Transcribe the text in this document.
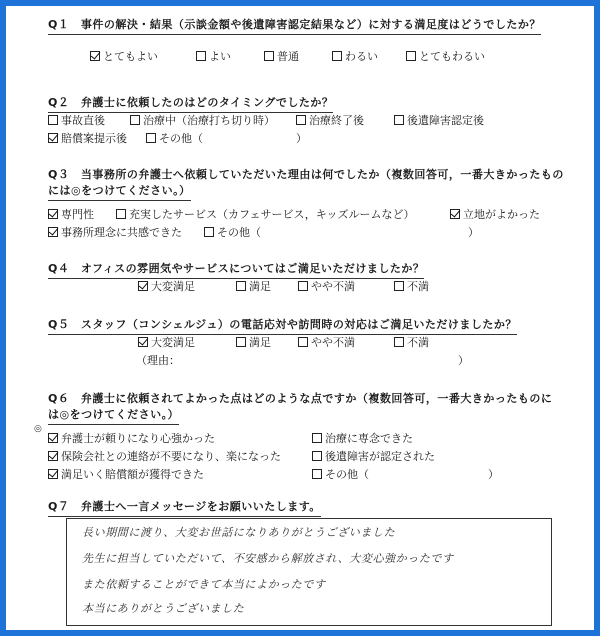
Q１　事件の解決・結果（示談金額や後遺障害認定結果など）に対する満足度はどうでしたか？
とてもよい	よい	普通	わるい	とてもわるい
Q２　弁護士に依頼したのはどのタイミングでしたか？
事故直後	治療中（治療打ち切り時）	治療終了後	後遺障害認定後
賠償案提示後	その他（	）
Q３　当事務所の弁護士へ依頼していただいた理由は何でしたか（複数回答可，一番大きかったもの
には◎をつけてください。）
専門性	充実したサービス（カフェサービス，キッズルームなど）	立地がよかった
事務所理念に共感できた	その他（	）
Q４　オフィスの雰囲気やサービスについてはご満足いただけましたか？
大変満足	満足	やや不満	不満
Q５　スタッフ（コンシェルジュ）の電話応対や訪問時の対応はご満足いただけましたか？
大変満足	満足	やや不満	不満
（理由：	）
Q６　弁護士に依頼されてよかった点はどのような点ですか（複数回答可，一番大きかったものに
は◎をつけてください。）
◎
弁護士が頼りになり心強かった	治療に専念できた
保険会社との連絡が不要になり、楽になった	後遺障害が認定された
満足いく賠償額が獲得できた	その他（	）
Q７　弁護士へ一言メッセージをお願いいたします。
長い期間に渡り、大変お世話になりありがとうございました
先生に担当していただいて、不安感から解放され、大変心強かったです
また依頼することができて本当によかったです
本当にありがとうございました
